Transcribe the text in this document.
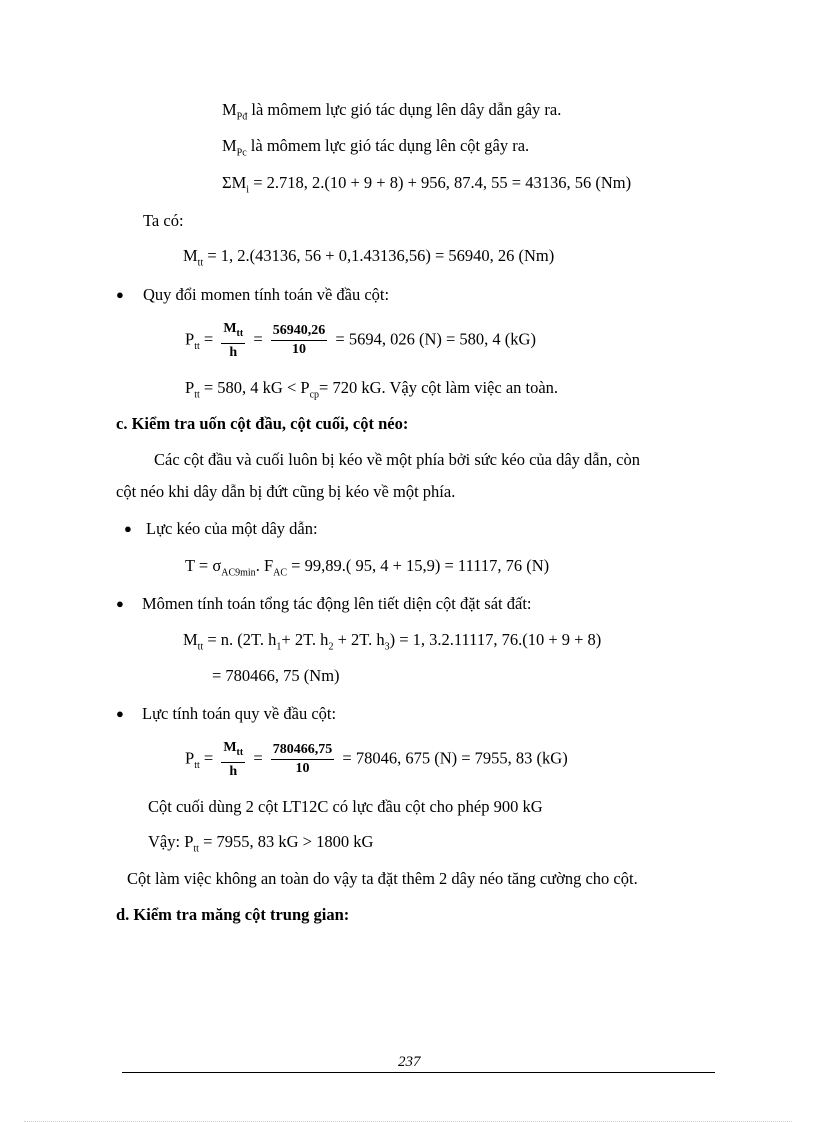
$M_{Pđ}$ là mômem lực gió tác dụng lên dây dẫn gây ra.
$M_{Pc}$ là mômem lực gió tác dụng lên cột gây ra.
$\Sigma M_i = 2.718$, 2.(10 + 9 + 8) + 956, 87.4, 55 = 43136, 56 (Nm)
Ta có:
$M_{tt} = 1$, 2.(43136, 56 + 0,1.43136,56) = 56940, 26 (Nm)
● Quy đổi momen tính toán về đầu cột:
$P_{tt} = \frac{M_{tt}}{h} = \frac{56940,26}{10} = 5694$, 026 (N) = 580, 4 (kG)
$P_{tt} = 580$, 4 kG < $P_{cp}= 720$ kG. Vậy cột làm việc an toàn.
c. Kiểm tra uốn cột đầu, cột cuối, cột néo:
Các cột đầu và cuối luôn bị kéo về một phía bởi sức kéo của dây dẫn, còn
cột néo khi dây dẫn bị đứt cũng bị kéo về một phía.
● Lực kéo của một dây dẫn:
$T = \sigma_{AC9min}$. $F_{AC} = 99,89$.( 95, 4 + 15,9) = 11117, 76 (N)
● Mômen tính toán tổng tác động lên tiết diện cột đặt sát đất:
$M_{tt} = n$. (2T. $h_1+ 2T$. $h_2 + 2T$. $h_3) = 1$, 3.2.11117, 76.(10 + 9 + 8)
= 780466, 75 (Nm)
● Lực tính toán quy về đầu cột:
$P_{tt} = \frac{M_{tt}}{h} = \frac{780466,75}{10} = 78046$, 675 (N) = 7955, 83 (kG)
Cột cuối dùng 2 cột LT12C có lực đầu cột cho phép 900 kG
Vậy: $P_{tt} = 7955$, 83 kG > 1800 kG
Cột làm việc không an toàn do vậy ta đặt thêm 2 dây néo tăng cường cho cột.
d. Kiểm tra măng cột trung gian:
237
